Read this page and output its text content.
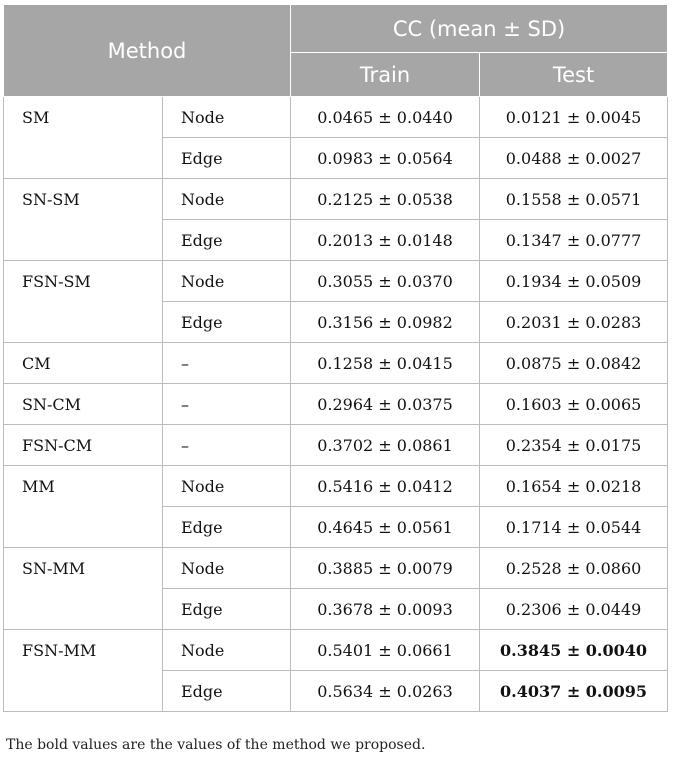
Method		CC (mean ± SD)	
		Train	Test
SM	Node	0.0465 ± 0.0440	0.0121 ± 0.0045
	Edge	0.0983 ± 0.0564	0.0488 ± 0.0027
SN-SM	Node	0.2125 ± 0.0538	0.1558 ± 0.0571
	Edge	0.2013 ± 0.0148	0.1347 ± 0.0777
FSN-SM	Node	0.3055 ± 0.0370	0.1934 ± 0.0509
	Edge	0.3156 ± 0.0982	0.2031 ± 0.0283
CM	–	0.1258 ± 0.0415	0.0875 ± 0.0842
SN-CM	–	0.2964 ± 0.0375	0.1603 ± 0.0065
FSN-CM	–	0.3702 ± 0.0861	0.2354 ± 0.0175
MM	Node	0.5416 ± 0.0412	0.1654 ± 0.0218
	Edge	0.4645 ± 0.0561	0.1714 ± 0.0544
SN-MM	Node	0.3885 ± 0.0079	0.2528 ± 0.0860
	Edge	0.3678 ± 0.0093	0.2306 ± 0.0449
FSN-MM	Node	0.5401 ± 0.0661	0.3845 ± 0.0040
	Edge	0.5634 ± 0.0263	0.4037 ± 0.0095
The bold values are the values of the method we proposed.
